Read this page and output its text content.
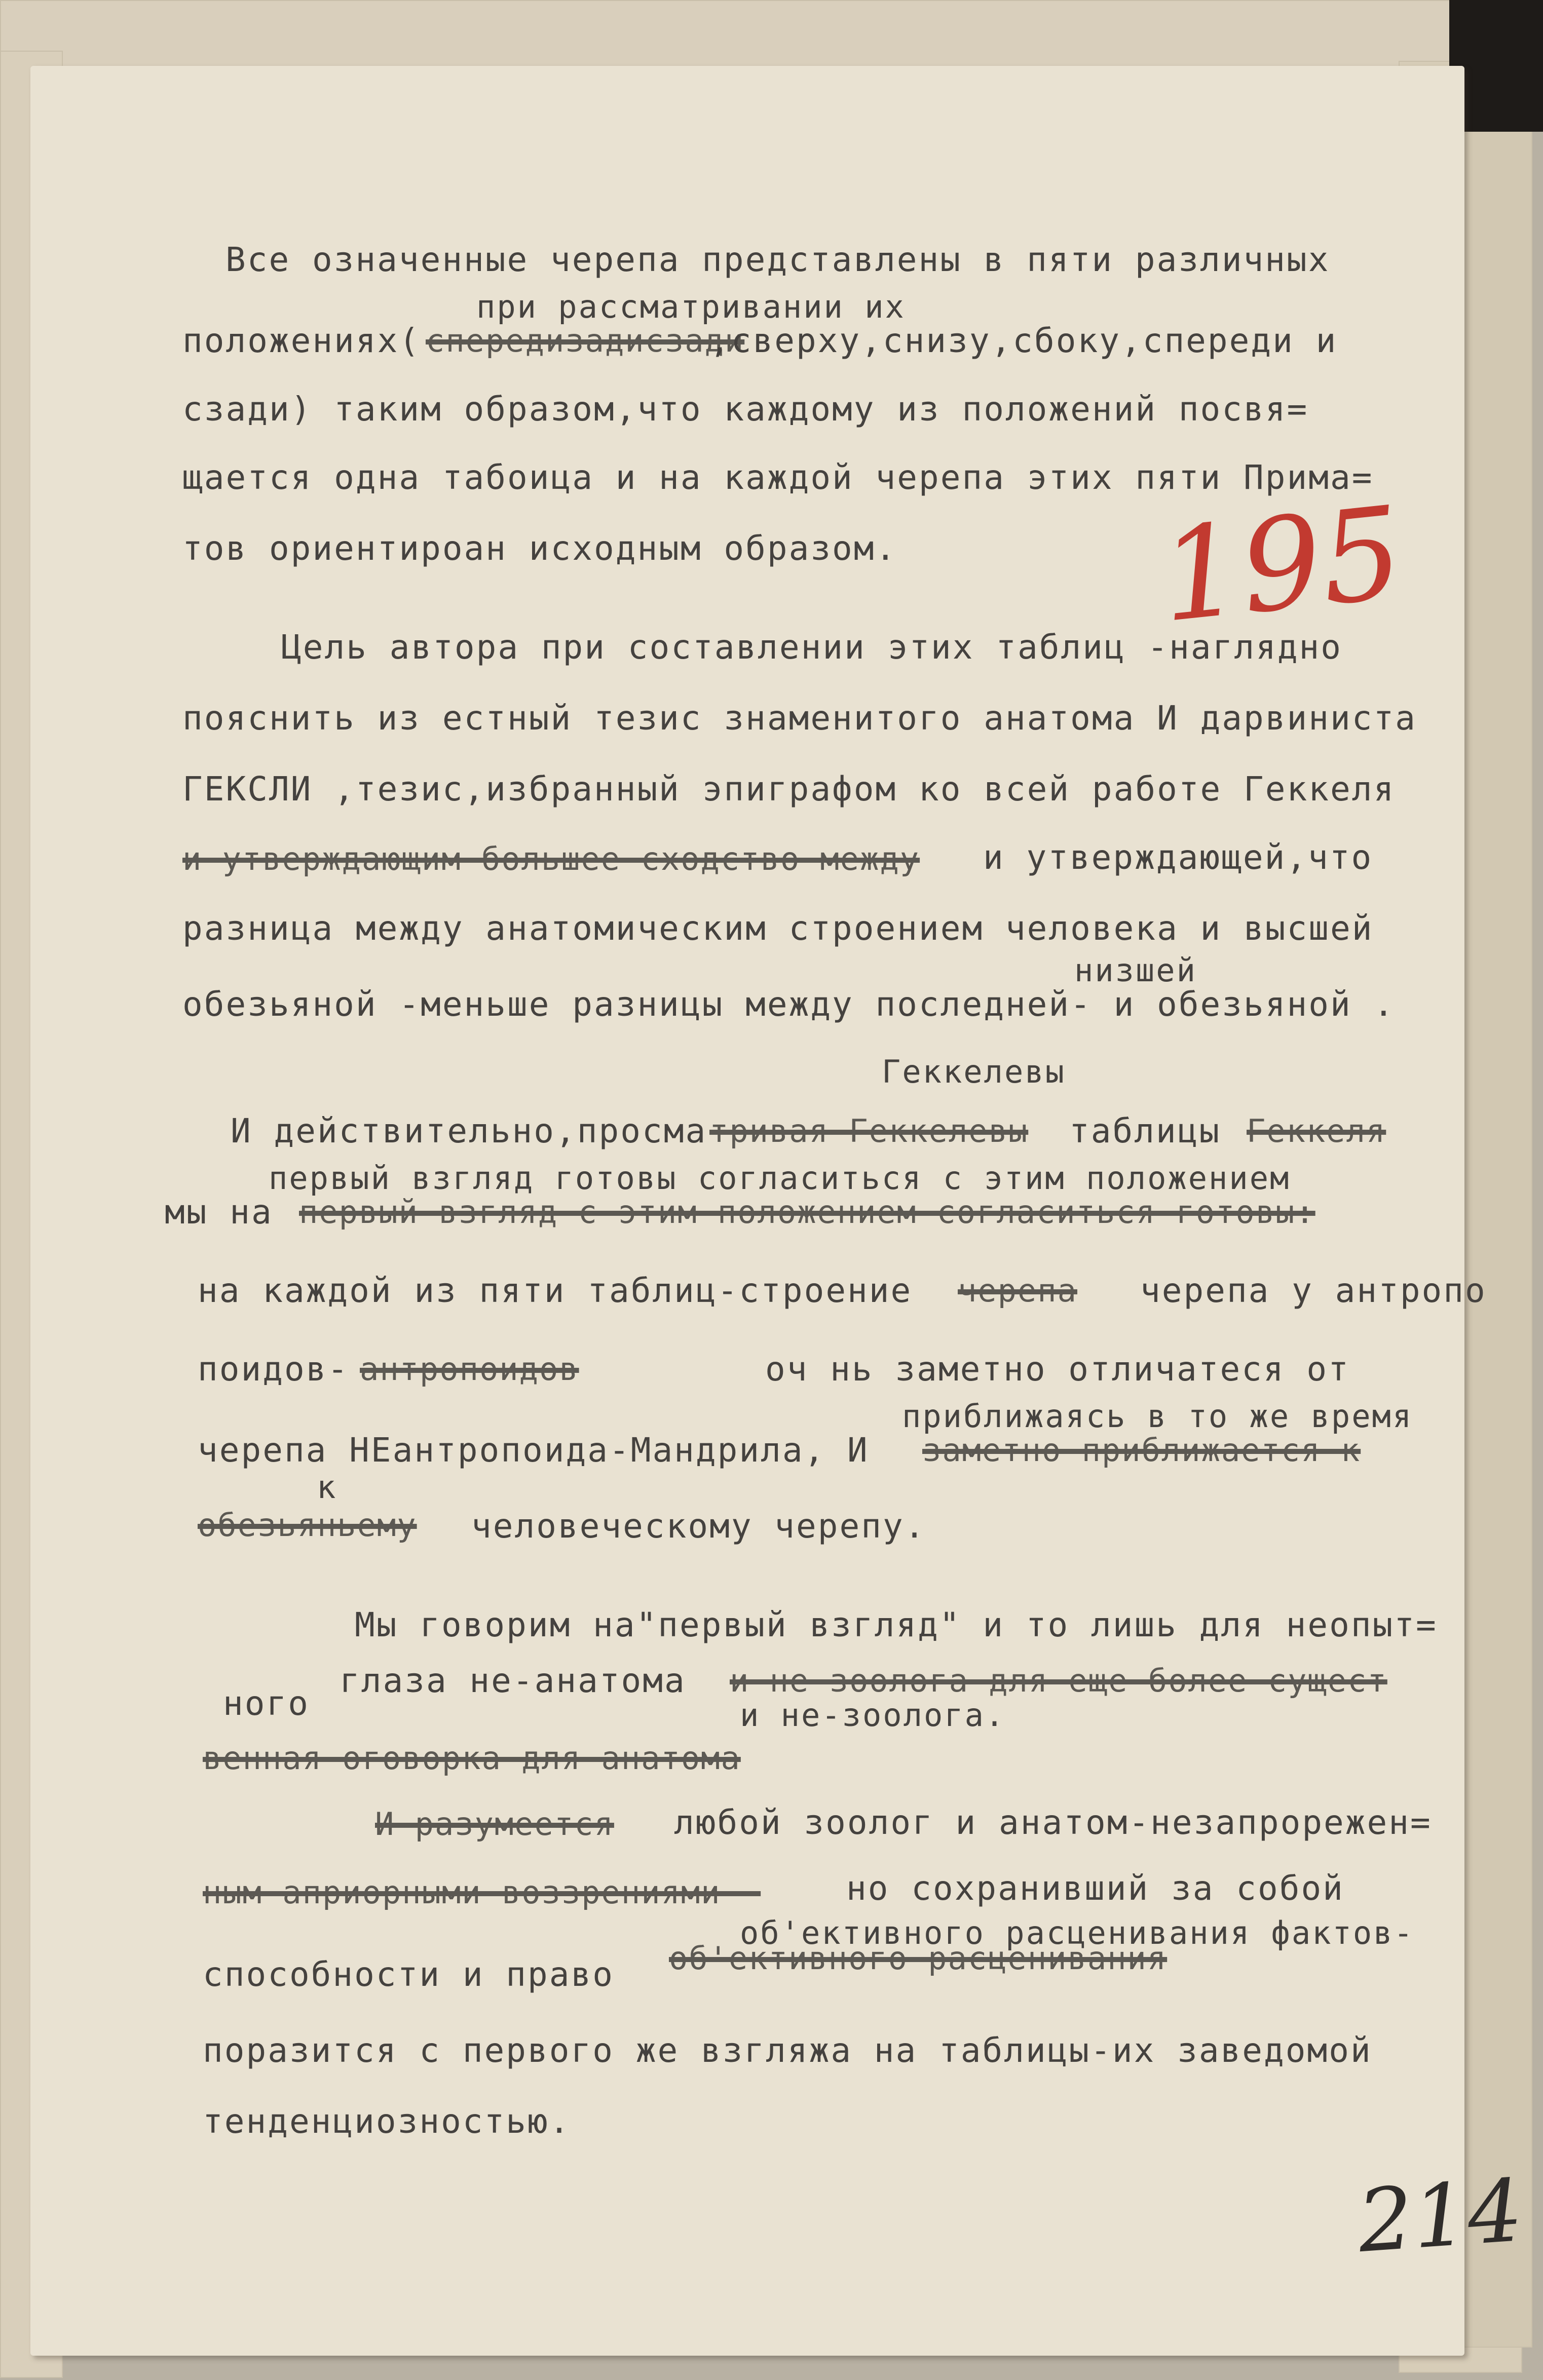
195
Все означенные черепа представлены в пяти различных
при рассматривании их
положениях( спередизадисзади
,сверху,снизу,сбоку,спереди и
сзади) таким образом,что каждому из положений посвя=
щается одна табоица и на каждой черепа этих пяти Прима=
тов ориентироан исходным образом.
Цель автора при составлении этих таблиц -наглядно
пояснить из естный тезис знаменитого анатома И дарвиниста
ГЕКСЛИ ,тезис,избранный эпиграфом ко всей работе Геккеля
и утверждающим большее сходство между и утверждающей,что
разница между анатомическим строением человека и высшей
низшей
обезьяной -меньше разницы между последней- и обезьяной .
Геккелевы
И действительно,просма тривая Геккелевы таблицы Геккеля
первый взгляд готовы согласиться с этим положением
мы на первый взгляд с этим положением согласиться готовы:
на каждой из пяти таблиц-строение черепа черепа у антропо
поидов- антропоидов	оч нь заметно отличатеся от
приближаясь в то же время
черепа НЕантропоида-Мандрила, И заметно приближается к
к
обезьяньему человеческому черепу.
Мы говорим на"первый взгляд" и то лишь для неопыт=
ного
глаза не-анатома и не-зоолога для еще более сущест
и не-зоолога.
венная оговорка для анатома
И разумеется любой зоолог и анатом-незапрорежен=
ным априорными воззрениями -	но сохранивший за собой
об'ективного расценивания фактов-
способности и право об'ективного расценивания
поразится с первого же взгляжа на таблицы-их заведомой
тенденциозностью.
214
